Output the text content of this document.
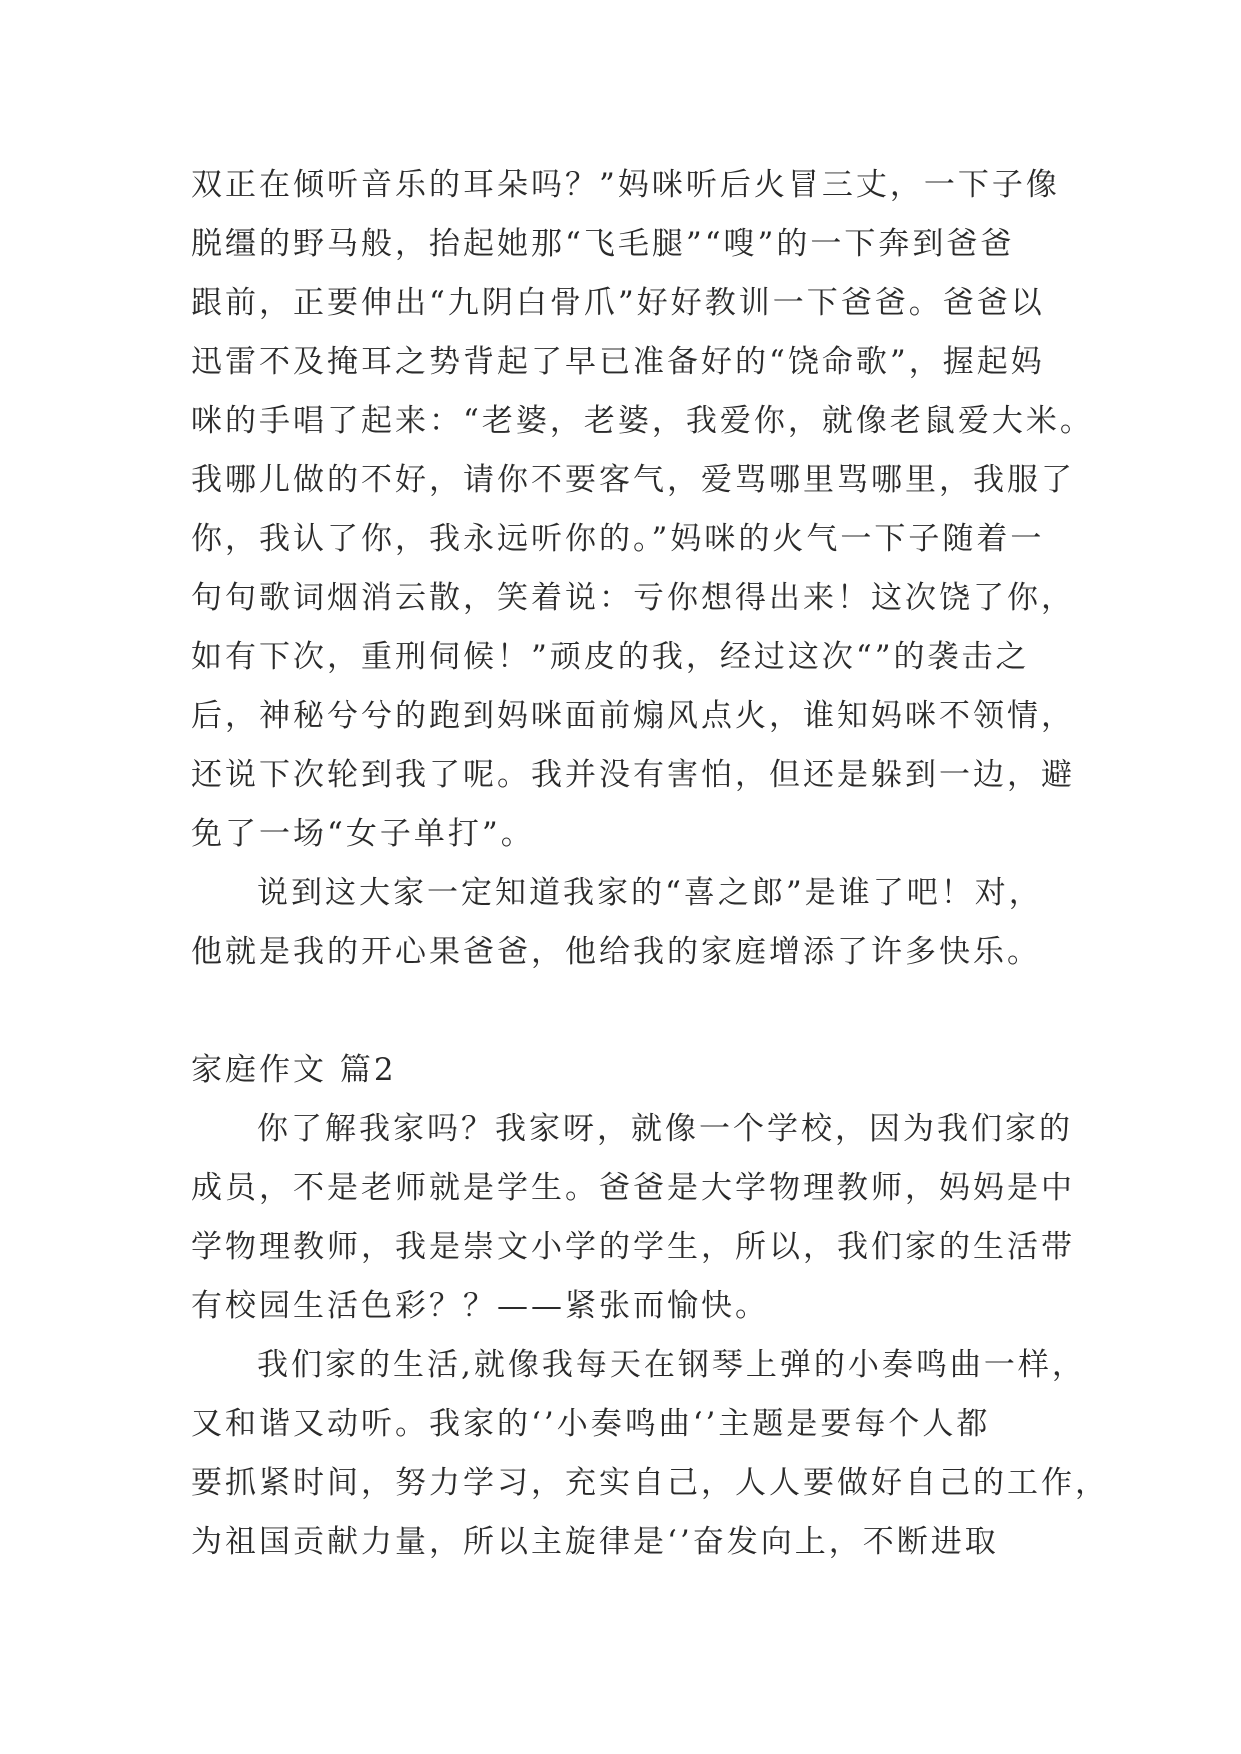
双正在倾听音乐的耳朵吗？”妈咪听后火冒三丈，一下子像
脱缰的野马般，抬起她那“飞毛腿”“嗖”的一下奔到爸爸
跟前，正要伸出“九阴白骨爪”好好教训一下爸爸。爸爸以
迅雷不及掩耳之势背起了早已准备好的“饶命歌”，握起妈
咪的手唱了起来：“老婆，老婆，我爱你，就像老鼠爱大米。
我哪儿做的不好，请你不要客气，爱骂哪里骂哪里，我服了
你，我认了你，我永远听你的。”妈咪的火气一下子随着一
句句歌词烟消云散，笑着说：亏你想得出来！这次饶了你，
如有下次，重刑伺候！”顽皮的我，经过这次“”的袭击之
后，神秘兮兮的跑到妈咪面前煽风点火，谁知妈咪不领情，
还说下次轮到我了呢。我并没有害怕，但还是躲到一边，避
免了一场“女子单打”。
说到这大家一定知道我家的“喜之郎”是谁了吧！对，
他就是我的开心果爸爸，他给我的家庭增添了许多快乐。
家庭作文 篇2
你了解我家吗？我家呀，就像一个学校，因为我们家的
成员，不是老师就是学生。爸爸是大学物理教师，妈妈是中
学物理教师，我是崇文小学的学生，所以，我们家的生活带
有校园生活色彩？？——紧张而愉快。
我们家的生活,就像我每天在钢琴上弹的小奏鸣曲一样，
又和谐又动听。我家的‘’小奏鸣曲‘’主题是要每个人都
要抓紧时间，努力学习，充实自己，人人要做好自己的工作，
为祖国贡献力量，所以主旋律是‘’奋发向上，不断进取
